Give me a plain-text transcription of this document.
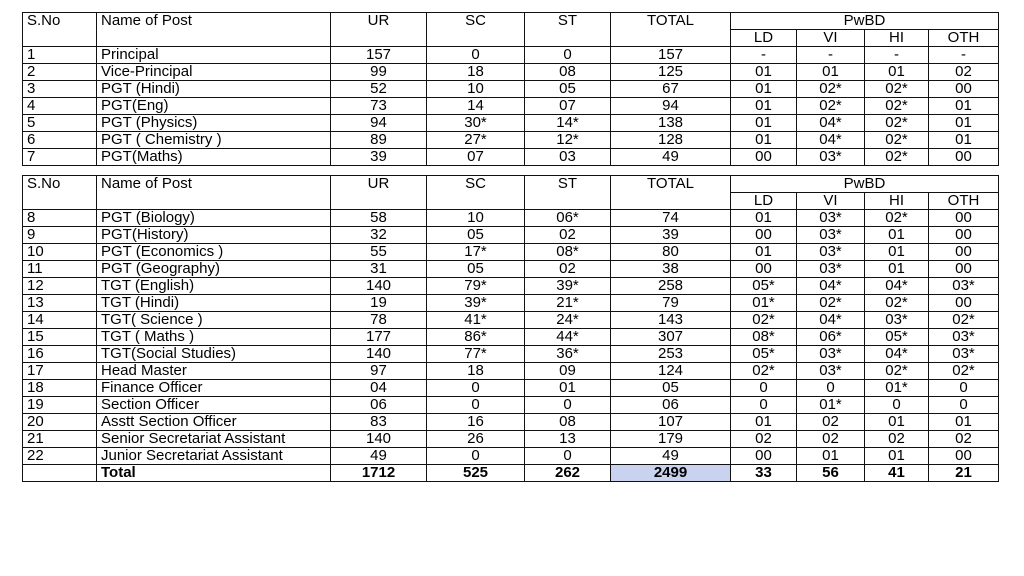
S.No	Name of Post	UR	SC	ST	TOTAL	PwBD			
						LD	VI	HI	OTH
1	Principal	157	0	0	157	-	-	-	-
2	Vice-Principal	99	18	08	125	01	01	01	02
3	PGT (Hindi)	52	10	05	67	01	02*	02*	00
4	PGT(Eng)	73	14	07	94	01	02*	02*	01
5	PGT (Physics)	94	30*	14*	138	01	04*	02*	01
6	PGT ( Chemistry )	89	27*	12*	128	01	04*	02*	01
7	PGT(Maths)	39	07	03	49	00	03*	02*	00
S.No	Name of Post	UR	SC	ST	TOTAL	PwBD			
						LD	VI	HI	OTH
8	PGT (Biology)	58	10	06*	74	01	03*	02*	00
9	PGT(History)	32	05	02	39	00	03*	01	00
10	PGT (Economics )	55	17*	08*	80	01	03*	01	00
11	PGT (Geography)	31	05	02	38	00	03*	01	00
12	TGT (English)	140	79*	39*	258	05*	04*	04*	03*
13	TGT (Hindi)	19	39*	21*	79	01*	02*	02*	00
14	TGT( Science )	78	41*	24*	143	02*	04*	03*	02*
15	TGT ( Maths )	177	86*	44*	307	08*	06*	05*	03*
16	TGT(Social Studies)	140	77*	36*	253	05*	03*	04*	03*
17	Head Master	97	18	09	124	02*	03*	02*	02*
18	Finance Officer	04	0	01	05	0	0	01*	0
19	Section Officer	06	0	0	06	0	01*	0	0
20	Asstt Section Officer	83	16	08	107	01	02	01	01
21	Senior Secretariat Assistant	140	26	13	179	02	02	02	02
22	Junior Secretariat Assistant	49	0	0	49	00	01	01	00
	Total	1712	525	262	2499	33	56	41	21
